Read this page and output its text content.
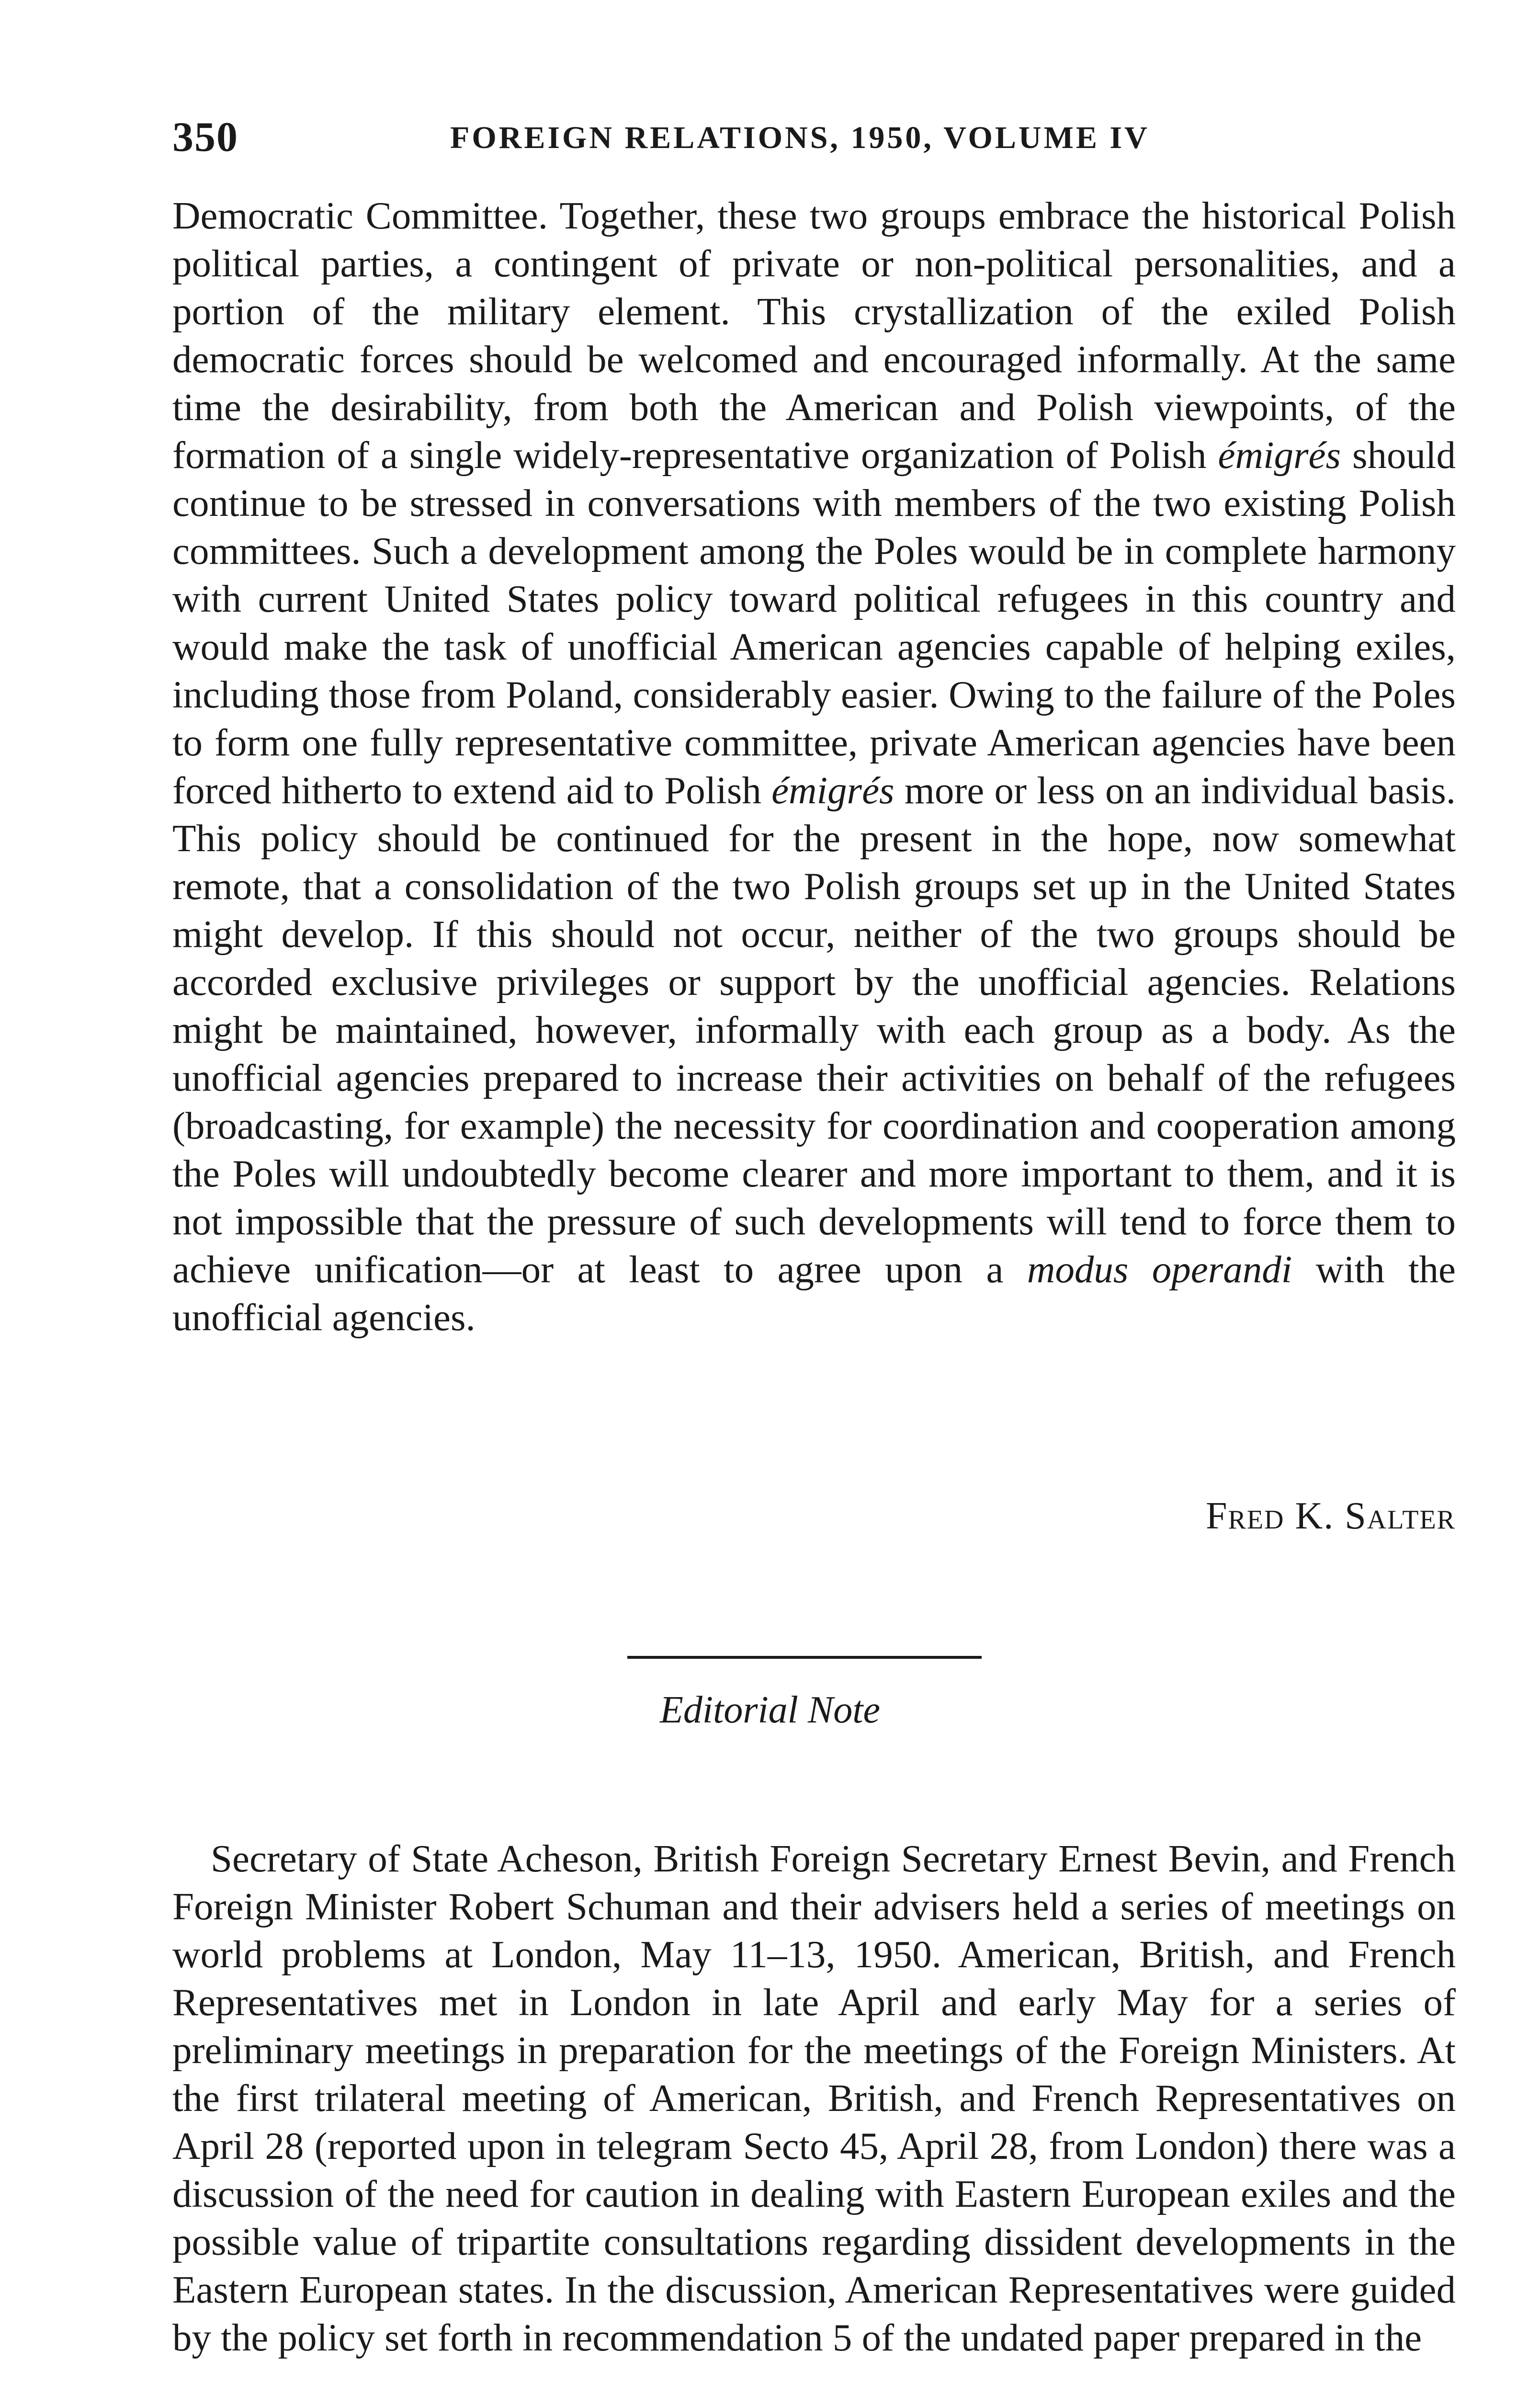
350	FOREIGN RELATIONS, 1950, VOLUME IV

Democratic Committee. Together, these two groups embrace the historical Polish political parties, a contingent of private or non-political personalities, and a portion of the military element. This crystallization of the exiled Polish democratic forces should be welcomed and encouraged informally. At the same time the desirability, from both the American and Polish viewpoints, of the formation of a single widely-representative organization of Polish émigrés should continue to be stressed in conversations with members of the two existing Polish committees. Such a development among the Poles would be in complete harmony with current United States policy toward political refugees in this country and would make the task of unofficial American agencies capable of helping exiles, including those from Poland, considerably easier. Owing to the failure of the Poles to form one fully representative committee, private American agencies have been forced hitherto to extend aid to Polish émigrés more or less on an individual basis. This policy should be continued for the present in the hope, now somewhat remote, that a consolidation of the two Polish groups set up in the United States might develop. If this should not occur, neither of the two groups should be accorded exclusive privileges or support by the unofficial agencies. Relations might be maintained, however, informally with each group as a body. As the unofficial agencies prepared to increase their activities on behalf of the refugees (broadcasting, for example) the necessity for coordination and cooperation among the Poles will undoubtedly become clearer and more important to them, and it is not impossible that the pressure of such developments will tend to force them to achieve unification—or at least to agree upon a modus operandi with the unofficial agencies.

Fred K. Salter
Editorial Note

Secretary of State Acheson, British Foreign Secretary Ernest Bevin, and French Foreign Minister Robert Schuman and their advisers held a series of meetings on world problems at London, May 11–13, 1950. American, British, and French Representatives met in London in late April and early May for a series of preliminary meetings in preparation for the meetings of the Foreign Ministers. At the first trilateral meeting of American, British, and French Representatives on April 28 (reported upon in telegram Secto 45, April 28, from London) there was a discussion of the need for caution in dealing with Eastern European exiles and the possible value of tripartite consultations regarding dissident developments in the Eastern European states. In the discussion, American Representatives were guided by the policy set forth in recommendation 5 of the undated paper prepared in the
